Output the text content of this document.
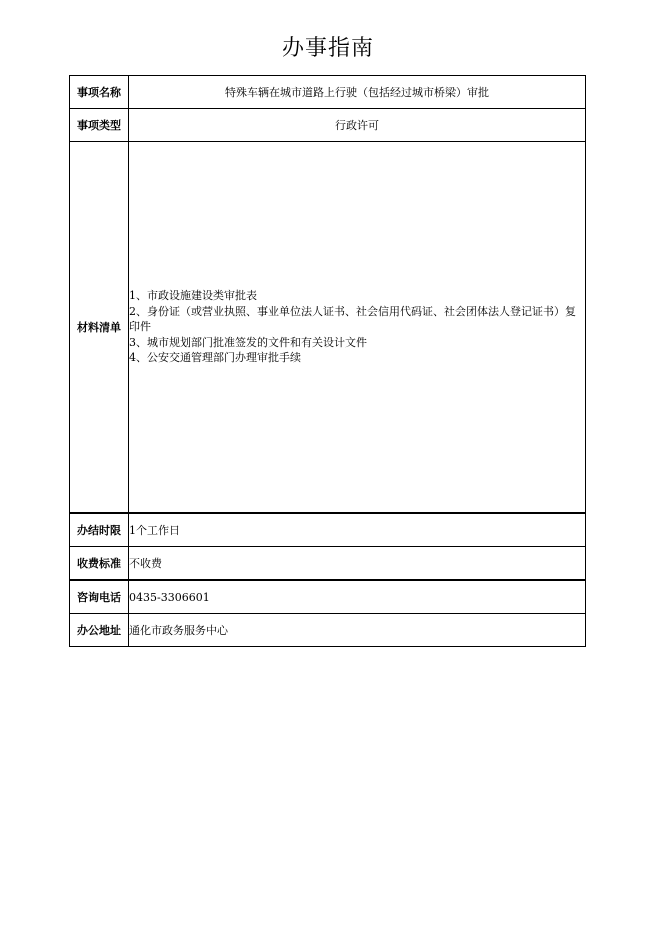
办事指南
事项名称	特殊车辆在城市道路上行驶（包括经过城市桥梁）审批
事项类型	行政许可
材料清单	1、市政设施建设类审批表
2、身份证（或营业执照、事业单位法人证书、社会信用代码证、社会团体法人登记证书）复印件
3、城市规划部门批准签发的文件和有关设计文件
4、公安交通管理部门办理审批手续

办结时限	1个工作日
收费标准	不收费
咨询电话	0435-3306601
办公地址	通化市政务服务中心
